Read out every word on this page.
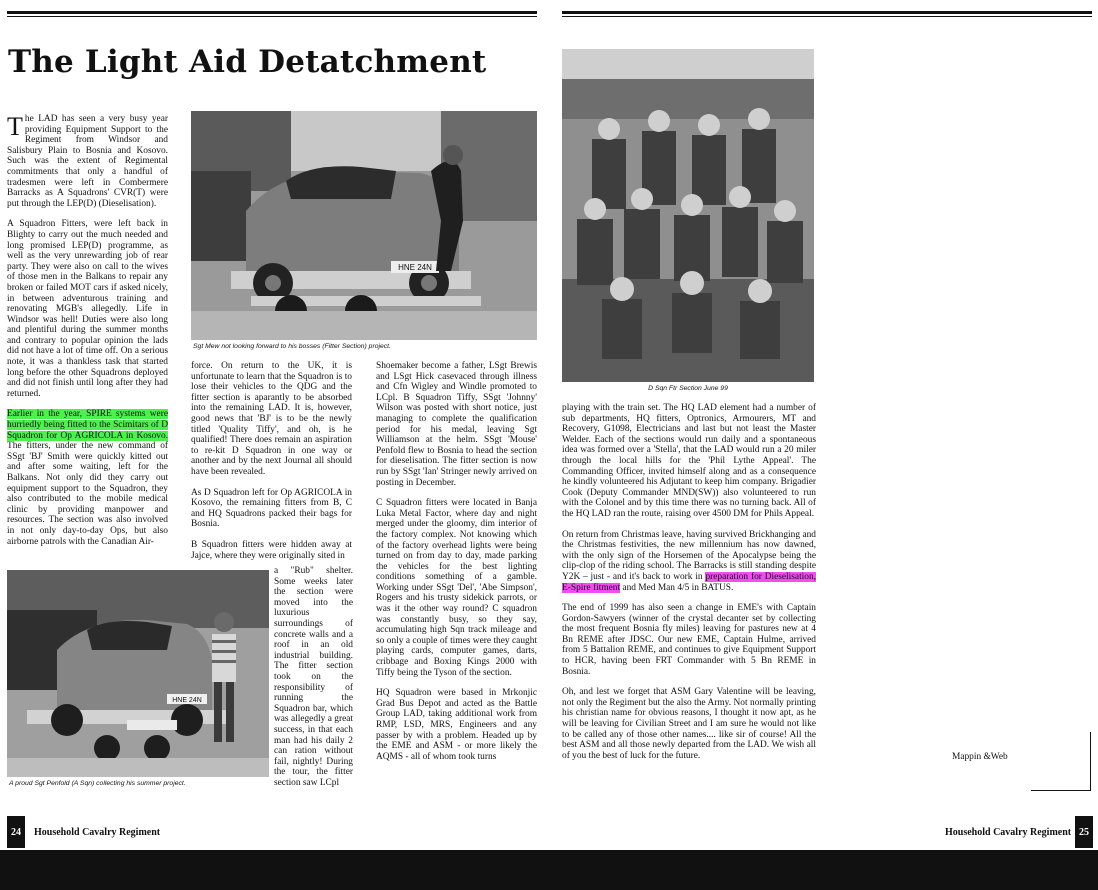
The Light Aid Detatchment

The LAD has seen a very busy year providing Equipment Support to the Regiment from Windsor and Salisbury Plain to Bosnia and Kosovo. Such was the extent of Regimental commitments that only a handful of tradesmen were left in Combermere Barracks as A Squadrons' CVR(T) were put through the LEP(D) (Dieselisation).

A Squadron Fitters, were left back in Blighty to carry out the much needed and long promised LEP(D) programme, as well as the very unrewarding job of rear party. They were also on call to the wives of those men in the Balkans to repair any broken or failed MOT cars if asked nicely, in between adventurous training and renovating MGB's allegedly. Life in Windsor was hell! Duties were also long and plentiful during the summer months and contrary to popular opinion the lads did not have a lot of time off. On a serious note, it was a thankless task that started long before the other Squadrons deployed and did not finish until long after they had returned.

Earlier in the year, SPIRE systems were hurriedly being fitted to the Scimitars of D Squadron for Op AGRICOLA in Kosovo. The fitters, under the new command of SSgt 'BJ' Smith were quickly kitted out and after some waiting, left for the Balkans. Not only did they carry out equipment support to the Squadron, they also contributed to the mobile medical clinic by providing manpower and resources. The section was also involved in not only day-to-day Ops, but also airborne patrols with the Canadian Air-

HNE 24N
Sgt Mew not looking forward to his bosses (Fitter Section) project.

force. On return to the UK, it is unfortunate to learn that the Squadron is to lose their vehicles to the QDG and the fitter section is aparantly to be absorbed into the remaining LAD. It is, however, good news that 'BJ' is to be the newly titled 'Quality Tiffy', and oh, is he qualified! There does remain an aspiration to re-kit D Squadron in one way or another and by the next Journal all should have been revealed.

As D Squadron left for Op AGRICOLA in Kosovo, the remaining fitters from B, C and HQ Squadrons packed their bags for Bosnia.

B Squadron fitters were hidden away at Jajce, where they were originally sited in

a "Rub" shelter. Some weeks later the section were moved into the luxurious surroundings of concrete walls and a roof in an old industrial building. The fitter section took on the responsibility of running the Squadron bar, which was allegedly a great success, in that each man had his daily 2 can ration without fail, nightly! During the tour, the fitter section saw LCpl

HNE 24N
A proud Sgt Penfold (A Sqn) collecting his summer project.

Shoemaker become a father, LSgt Brewis and LSgt Hick casevaced through illness and Cfn Wigley and Windle promoted to LCpl. B Squadron Tiffy, SSgt 'Johnny' Wilson was posted with short notice, just managing to complete the qualification period for his medal, leaving Sgt Williamson at the helm. SSgt 'Mouse' Penfold flew to Bosnia to head the section for dieselisation. The fitter section is now run by SSgt 'Ian' Stringer newly arrived on posting in December.

C Squadron fitters were located in Banja Luka Metal Factor, where day and night merged under the gloomy, dim interior of the factory complex. Not knowing which of the factory overhead lights were being turned on from day to day, made parking the vehicles for the best lighting conditions something of a gamble. Working under SSgt 'Del', 'Abe Simpson', Rogers and his trusty sidekick parrots, or was it the other way round? C squadron was constantly busy, so they say, accumulating high Sqn track mileage and so only a couple of times were they caught playing cards, computer games, darts, cribbage and Boxing Kings 2000 with Tiffy being the Tyson of the section.

HQ Squadron were based in Mrkonjic Grad Bus Depot and acted as the Battle Group LAD, taking additional work from RMP, LSD, MRS, Engineers and any passer by with a problem. Headed up by the EME and ASM - or more likely the AQMS - all of whom took turns

D Sqn Ftr Section June 99

playing with the train set. The HQ LAD element had a number of sub departments, HQ fitters, Optronics, Armourers, MT and Recovery, G1098, Electricians and last but not least the Master Welder. Each of the sections would run daily and a spontaneous idea was formed over a 'Stella', that the LAD would run a 20 miler through the local hills for the 'Phil Lythe Appeal'. The Commanding Officer, invited himself along and as a consequence he kindly volunteered his Adjutant to keep him company. Brigadier Cook (Deputy Commander MND(SW)) also volunteered to run with the Colonel and by this time there was no turning back. All of the HQ LAD ran the route, raising over 4500 DM for Phils Appeal.

On return from Christmas leave, having survived Brickhanging and the Christmas festivities, the new millennium has now dawned, with the only sign of the Horsemen of the Apocalypse being the clip-clop of the riding school. The Barracks is still standing despite Y2K – just - and it's back to work in preparation for Dieselisation, E-Spire fitment and Med Man 4/5 in BATUS.

The end of 1999 has also seen a change in EME's with Captain Gordon-Sawyers (winner of the crystal decanter set by collecting the most frequent Bosnia fly miles) leaving for pastures new at 4 Bn REME after JDSC. Our new EME, Captain Hulme, arrived from 5 Battalion REME, and continues to give Equipment Support to HCR, having been FRT Commander with 5 Bn REME in Bosnia.

Oh, and lest we forget that ASM Gary Valentine will be leaving, not only the Regiment but the also the Army. Not normally printing his christian name for obvious reasons, I thought it now apt, as he will be leaving for Civilian Street and I am sure he would not like to be called any of those other names.... like sir of course! All the best ASM and all those newly departed from the LAD. We wish all of you the best of luck for the future.	Mappin &Web
24	Household Cavalry Regiment	Household Cavalry Regiment 25
